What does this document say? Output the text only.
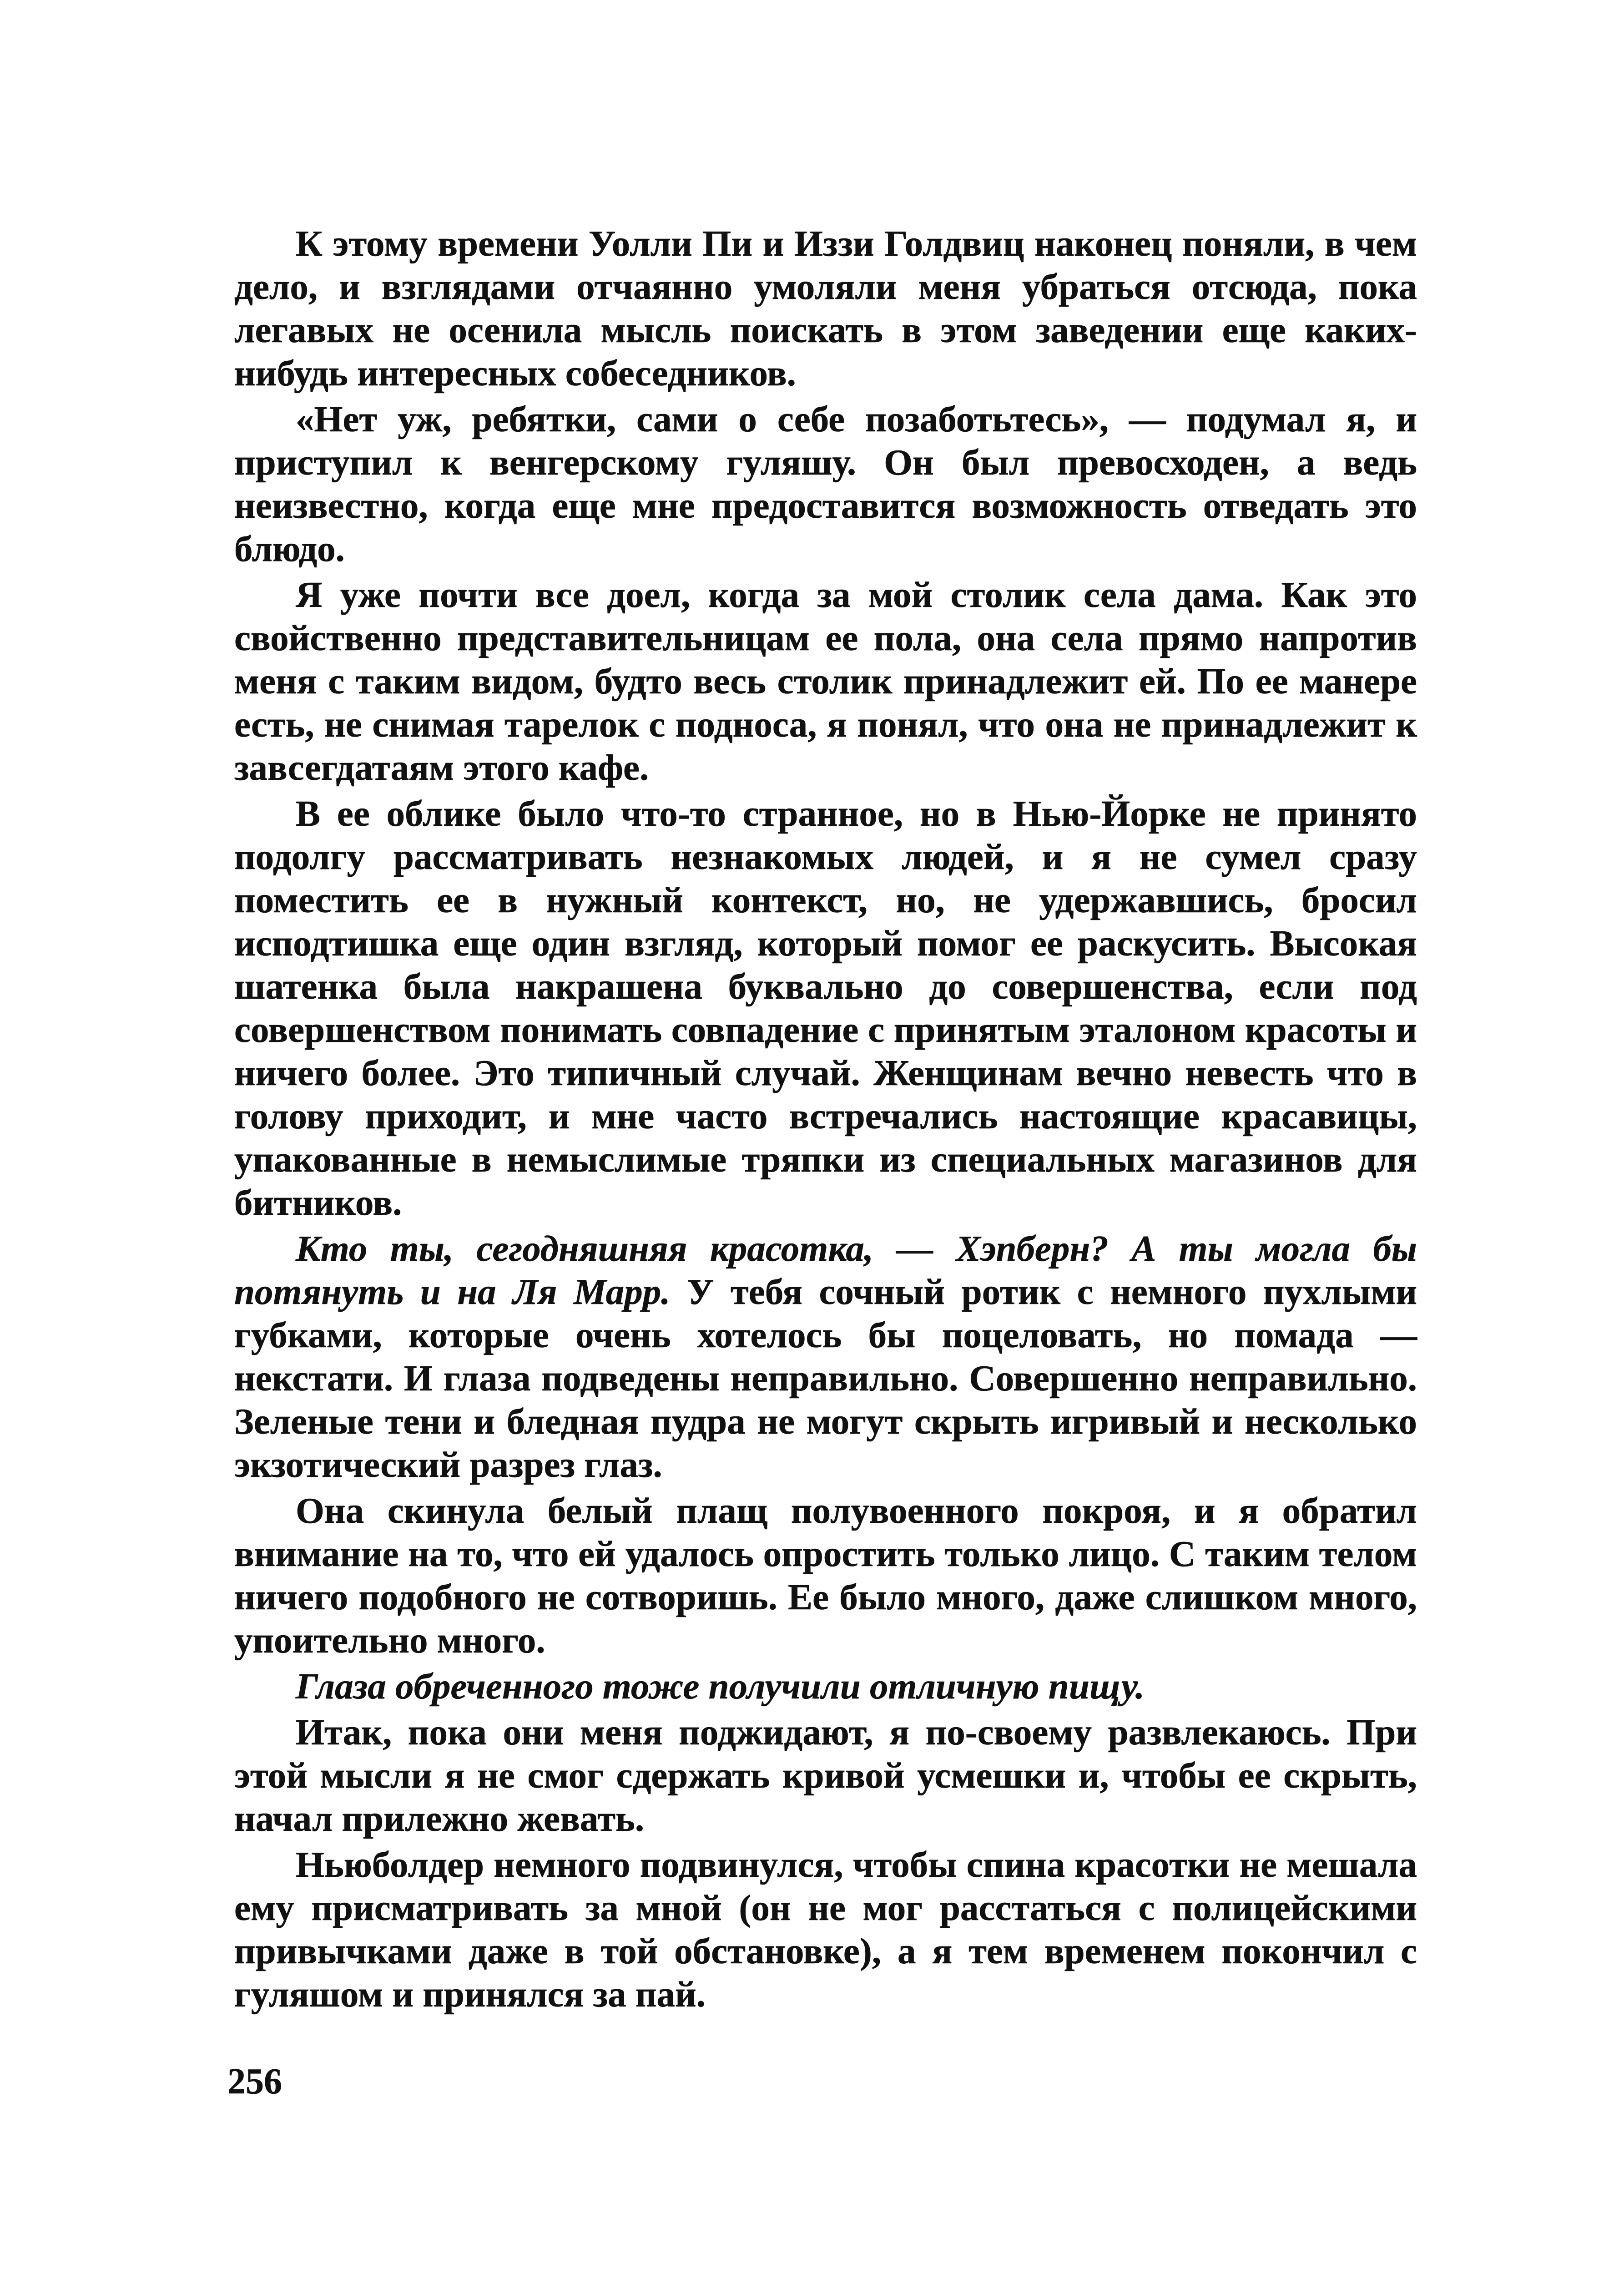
К этому времени Уолли Пи и Иззи Голдвиц наконец поняли, в чем дело, и взглядами отчаянно умоляли меня убраться отсюда, пока легавых не осенила мысль поискать в этом заведении еще каких-нибудь интересных собеседников.

«Нет уж, ребятки, сами о себе позаботьтесь», — подумал я, и приступил к венгерскому гуляшу. Он был превосходен, а ведь неизвестно, когда еще мне предоставится возможность отведать это блюдо.

Я уже почти все доел, когда за мой столик села дама. Как это свойственно представительницам ее пола, она села прямо напротив меня с таким видом, будто весь столик принадлежит ей. По ее манере есть, не снимая тарелок с подноса, я понял, что она не принадлежит к завсегдатаям этого кафе.

В ее облике было что-то странное, но в Нью-Йорке не принято подолгу рассматривать незнакомых людей, и я не сумел сразу поместить ее в нужный контекст, но, не удержавшись, бросил исподтишка еще один взгляд, который помог ее раскусить. Высокая шатенка была накрашена буквально до совершенства, если под совершенством понимать совпадение с принятым эталоном красоты и ничего более. Это типичный случай. Женщинам вечно невесть что в голову приходит, и мне часто встречались настоящие красавицы, упакованные в немыслимые тряпки из специальных магазинов для битников.

Кто ты, сегодняшняя красотка, — Хэпберн? А ты могла бы потянуть и на Ля Марр. У тебя сочный ротик с немного пухлыми губками, которые очень хотелось бы поцеловать, но помада — некстати. И глаза подведены неправильно. Совершенно неправильно. Зеленые тени и бледная пудра не могут скрыть игривый и несколько экзотический разрез глаз.

Она скинула белый плащ полувоенного покроя, и я обратил внимание на то, что ей удалось опростить только лицо. С таким телом ничего подобного не сотворишь. Ее было много, даже слишком много, упоительно много.

Глаза обреченного тоже получили отличную пищу.

Итак, пока они меня поджидают, я по-своему развлекаюсь. При этой мысли я не смог сдержать кривой усмешки и, чтобы ее скрыть, начал прилежно жевать.

Ньюболдер немного подвинулся, чтобы спина красотки не мешала ему присматривать за мной (он не мог расстаться с полицейскими привычками даже в той обстановке), а я тем временем покончил с гуляшом и принялся за пай.

256
